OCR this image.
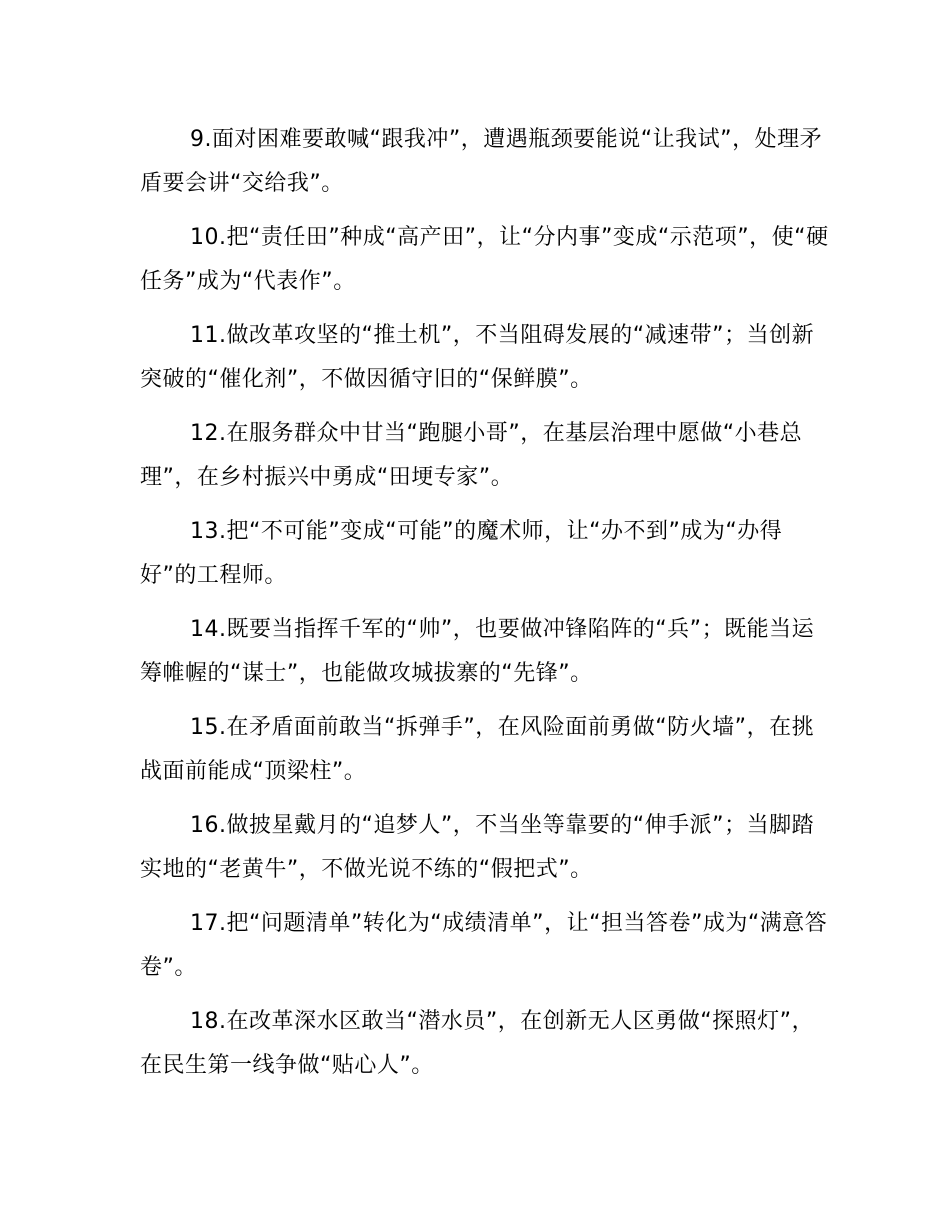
9.面对困难要敢喊“跟我冲”，遭遇瓶颈要能说“让我试”，处理矛盾要会讲“交给我”。

10.把“责任田”种成“高产田”，让“分内事”变成“示范项”，使“硬任务”成为“代表作”。

11.做改革攻坚的“推土机”，不当阻碍发展的“减速带”；当创新突破的“催化剂”，不做因循守旧的“保鲜膜”。

12.在服务群众中甘当“跑腿小哥”，在基层治理中愿做“小巷总理”，在乡村振兴中勇成“田埂专家”。

13.把“不可能”变成“可能”的魔术师，让“办不到”成为“办得好”的工程师。

14.既要当指挥千军的“帅”，也要做冲锋陷阵的“兵”；既能当运筹帷幄的“谋士”，也能做攻城拔寨的“先锋”。

15.在矛盾面前敢当“拆弹手”，在风险面前勇做“防火墙”，在挑战面前能成“顶梁柱”。

16.做披星戴月的“追梦人”，不当坐等靠要的“伸手派”；当脚踏实地的“老黄牛”，不做光说不练的“假把式”。

17.把“问题清单”转化为“成绩清单”，让“担当答卷”成为“满意答卷”。

18.在改革深水区敢当“潜水员”，在创新无人区勇做“探照灯”，在民生第一线争做“贴心人”。
